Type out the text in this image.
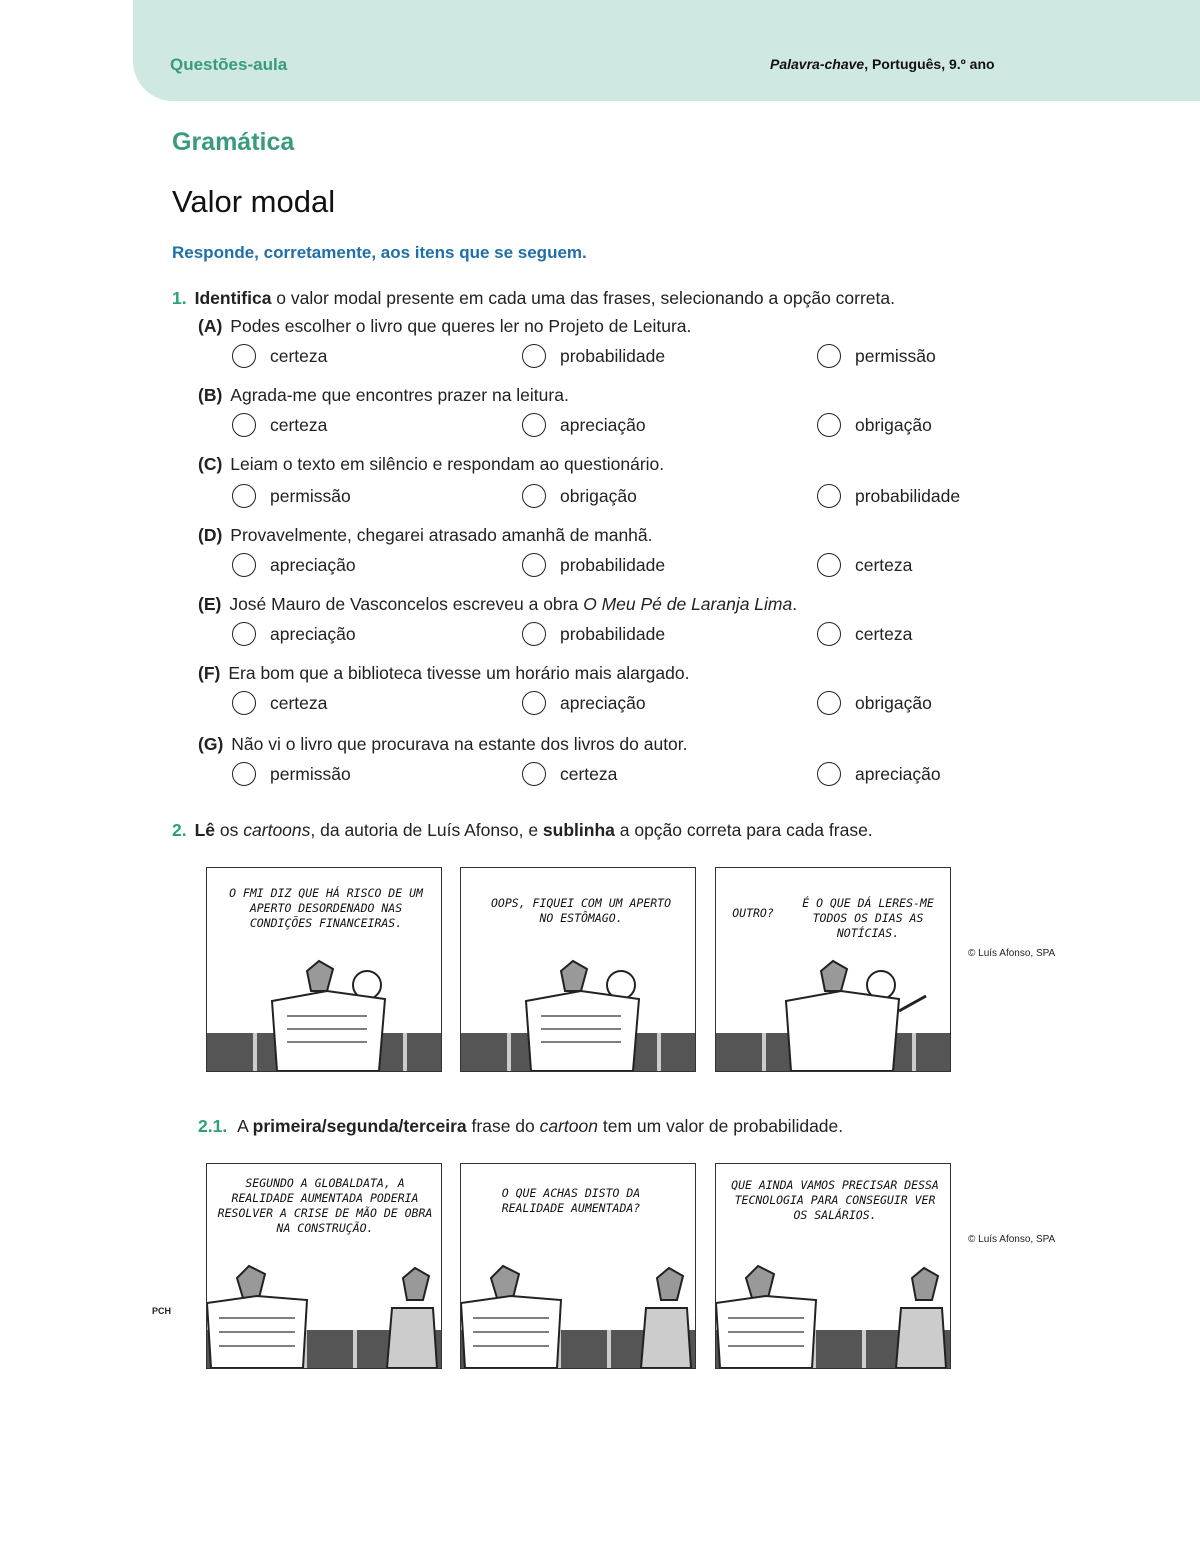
Questões-aula	Palavra-chave, Português, 9.º ano
Gramática
Valor modal
Responde, corretamente, aos itens que se seguem.
1. Identifica o valor modal presente em cada uma das frases, selecionando a opção correta.
(A) Podes escolher o livro que queres ler no Projeto de Leitura.
certeza	probabilidade	permissão
(B) Agrada-me que encontres prazer na leitura.
certeza	apreciação	obrigação
(C) Leiam o texto em silêncio e respondam ao questionário.
permissão	obrigação	probabilidade
(D) Provavelmente, chegarei atrasado amanhã de manhã.
apreciação	probabilidade	certeza
(E) José Mauro de Vasconcelos escreveu a obra O Meu Pé de Laranja Lima.
apreciação	probabilidade	certeza
(F) Era bom que a biblioteca tivesse um horário mais alargado.
certeza	apreciação	obrigação
(G) Não vi o livro que procurava na estante dos livros do autor.
permissão	certeza	apreciação
2. Lê os cartoons, da autoria de Luís Afonso, e sublinha a opção correta para cada frase.
O FMI DIZ QUE HÁ RISCO DE UM APERTO DESORDENADO NAS CONDIÇÕES FINANCEIRAS.
OOPS, FIQUEI COM UM APERTO NO ESTÔMAGO.	OUTRO?
É O QUE DÁ LERES-ME TODOS OS DIAS AS NOTÍCIAS.
© Luís Afonso, SPA
2.1. A primeira/segunda/terceira frase do cartoon tem um valor de probabilidade.
SEGUNDO A GLOBALDATA, A REALIDADE AUMENTADA PODERIA RESOLVER A CRISE DE MÃO DE OBRA NA CONSTRUÇÃO.
O QUE ACHAS DISTO DA REALIDADE AUMENTADA?
QUE AINDA VAMOS PRECISAR DESSA TECNOLOGIA PARA CONSEGUIR VER OS SALÁRIOS.
© Luís Afonso, SPA
PCH
